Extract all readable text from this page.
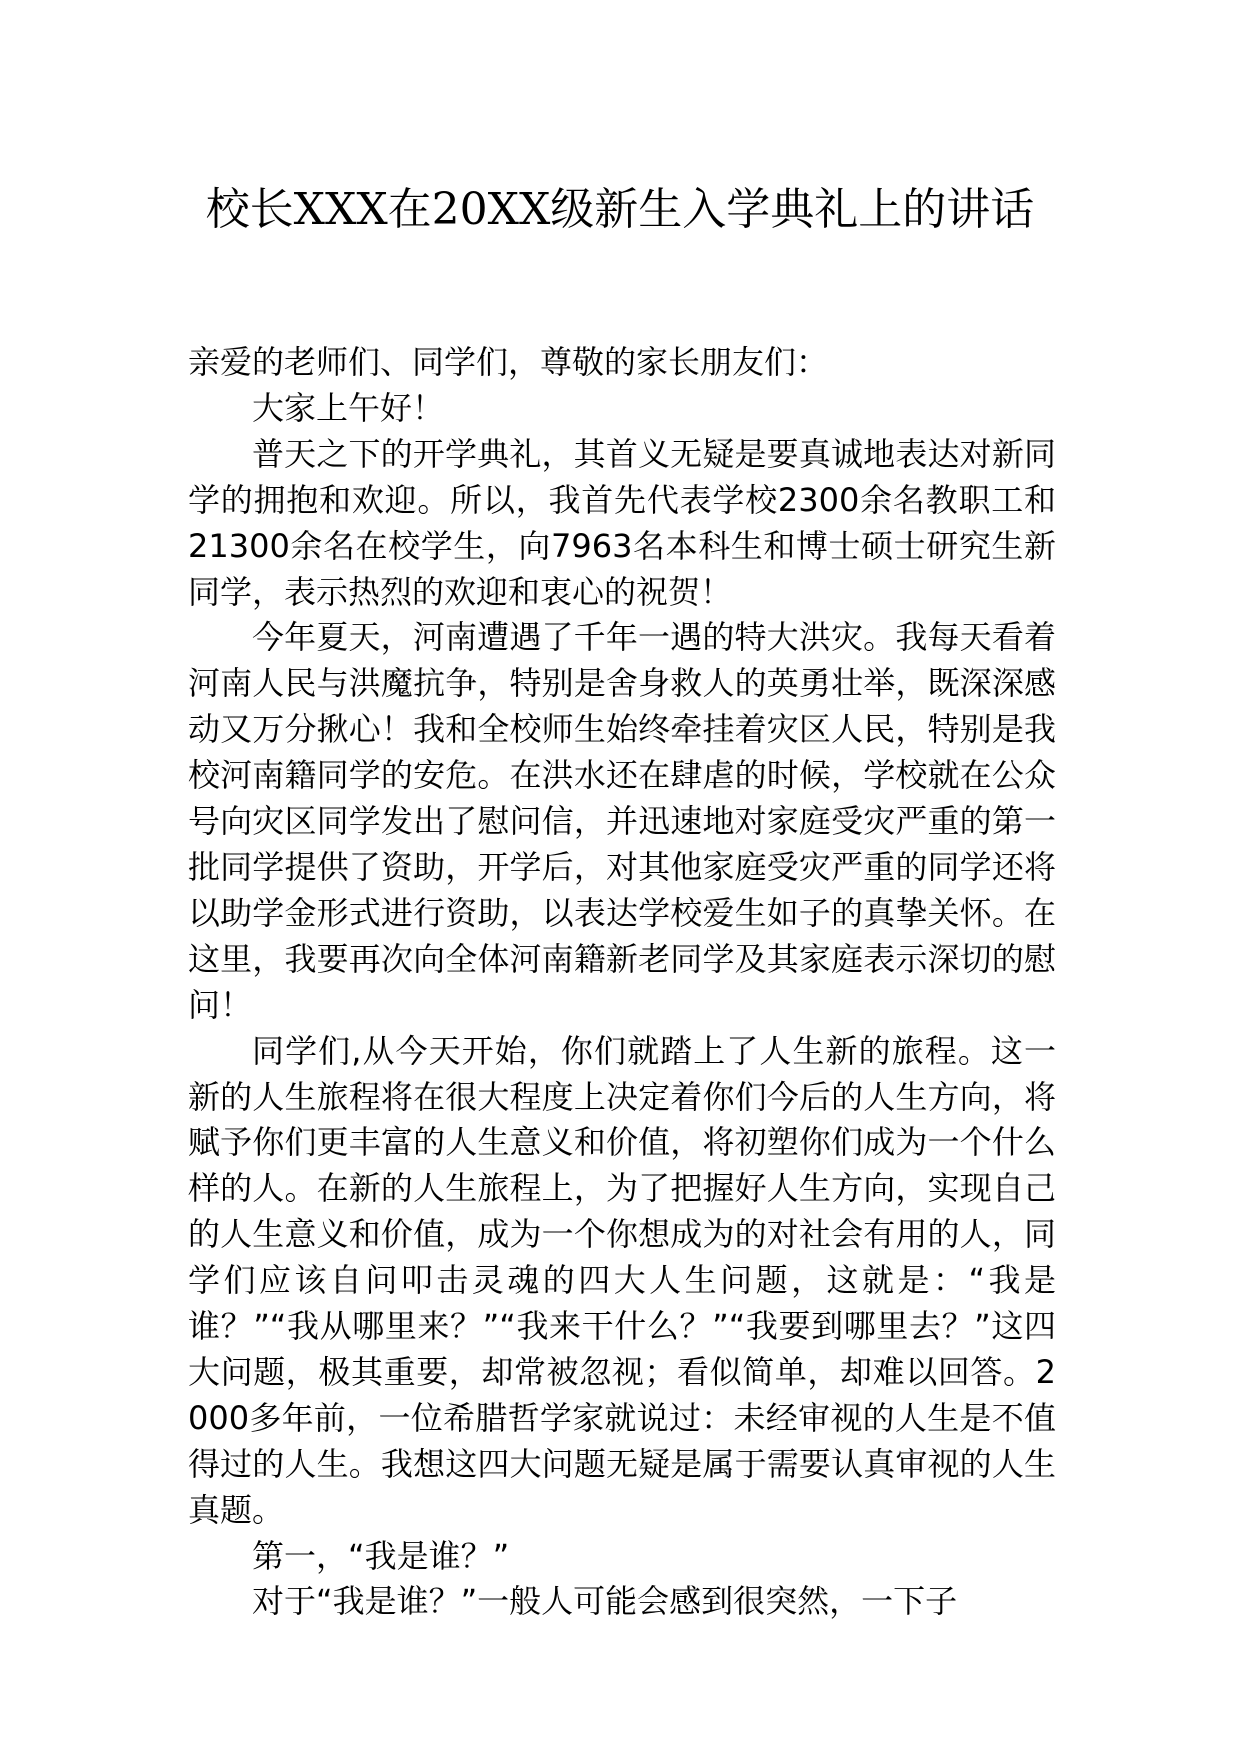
校长XXX在20XX级新生入学典礼上的讲话

亲爱的老师们、同学们，尊敬的家长朋友们：

大家上午好！

普天之下的开学典礼，其首义无疑是要真诚地表达对新同学的拥抱和欢迎。所以，我首先代表学校2300余名教职工和21300余名在校学生，向7963名本科生和博士硕士研究生新同学，表示热烈的欢迎和衷心的祝贺！

今年夏天，河南遭遇了千年一遇的特大洪灾。我每天看着河南人民与洪魔抗争，特别是舍身救人的英勇壮举，既深深感动又万分揪心！我和全校师生始终牵挂着灾区人民，特别是我校河南籍同学的安危。在洪水还在肆虐的时候，学校就在公众号向灾区同学发出了慰问信，并迅速地对家庭受灾严重的第一批同学提供了资助，开学后，对其他家庭受灾严重的同学还将以助学金形式进行资助，以表达学校爱生如子的真挚关怀。在这里，我要再次向全体河南籍新老同学及其家庭表示深切的慰问！

同学们,从今天开始，你们就踏上了人生新的旅程。这一新的人生旅程将在很大程度上决定着你们今后的人生方向，将赋予你们更丰富的人生意义和价值，将初塑你们成为一个什么样的人。在新的人生旅程上，为了把握好人生方向，实现自己的人生意义和价值，成为一个你想成为的对社会有用的人，同学们应该自问叩击灵魂的四大人生问题，这就是：“我是谁？”“我从哪里来？”“我来干什么？”“我要到哪里去？”这四大问题，极其重要，却常被忽视；看似简单，却难以回答。2000多年前，一位希腊哲学家就说过：未经审视的人生是不值得过的人生。我想这四大问题无疑是属于需要认真审视的人生真题。

第一，“我是谁？”

对于“我是谁？”一般人可能会感到很突然，一下子
